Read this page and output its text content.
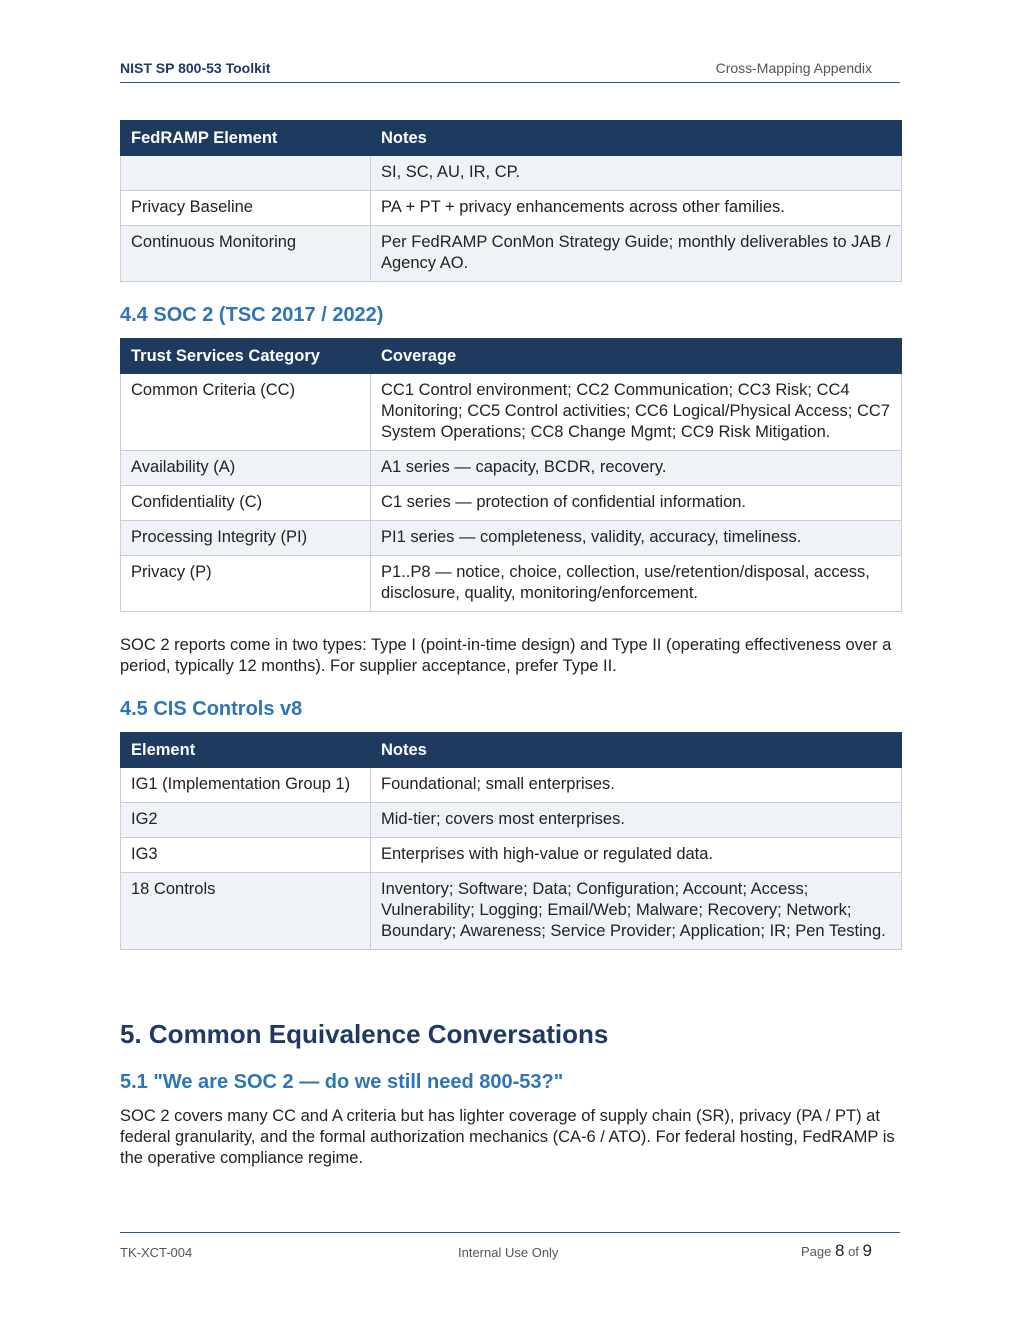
NIST SP 800-53 Toolkit	Cross-Mapping Appendix
FedRAMP Element	Notes
	SI, SC, AU, IR, CP.
Privacy Baseline	PA + PT + privacy enhancements across other families.
Continuous Monitoring	Per FedRAMP ConMon Strategy Guide; monthly deliverables to JAB / Agency AO.
4.4 SOC 2 (TSC 2017 / 2022)
Trust Services Category	Coverage
Common Criteria (CC)	CC1 Control environment; CC2 Communication; CC3 Risk; CC4 Monitoring; CC5 Control activities; CC6 Logical/Physical Access; CC7 System Operations; CC8 Change Mgmt; CC9 Risk Mitigation.
Availability (A)	A1 series — capacity, BCDR, recovery.
Confidentiality (C)	C1 series — protection of confidential information.
Processing Integrity (PI)	PI1 series — completeness, validity, accuracy, timeliness.
Privacy (P)	P1..P8 — notice, choice, collection, use/retention/disposal, access, disclosure, quality, monitoring/enforcement.

SOC 2 reports come in two types: Type I (point-in-time design) and Type II (operating effectiveness over a period, typically 12 months). For supplier acceptance, prefer Type II.

4.5 CIS Controls v8
Element	Notes
IG1 (Implementation Group 1)	Foundational; small enterprises.
IG2	Mid-tier; covers most enterprises.
IG3	Enterprises with high-value or regulated data.
18 Controls	Inventory; Software; Data; Configuration; Account; Access; Vulnerability; Logging; Email/Web; Malware; Recovery; Network; Boundary; Awareness; Service Provider; Application; IR; Pen Testing.
5. Common Equivalence Conversations
5.1 "We are SOC 2 — do we still need 800-53?"

SOC 2 covers many CC and A criteria but has lighter coverage of supply chain (SR), privacy (PA / PT) at federal granularity, and the formal authorization mechanics (CA-6 / ATO). For federal hosting, FedRAMP is the operative compliance regime.

TK-XCT-004	Internal Use Only	Page 8 of 9
